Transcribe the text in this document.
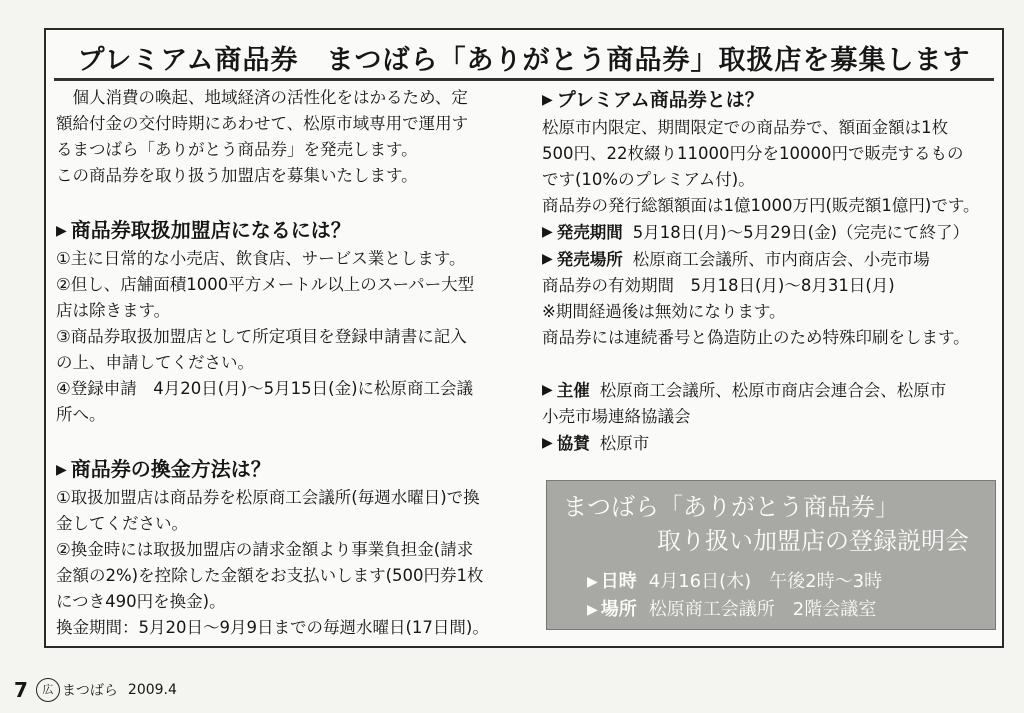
プレミアム商品券　まつばら「ありがとう商品券」取扱店を募集します

個人消費の喚起、地域経済の活性化をはかるため、定

額給付金の交付時期にあわせて、松原市域専用で運用す

るまつばら「ありがとう商品券」を発売します。

この商品券を取り扱う加盟店を募集いたします。

▶ 商品券取扱加盟店になるには？

①主に日常的な小売店、飲食店、サービス業とします。

②但し、店舗面積1000平方メートル以上のスーパー大型

店は除きます。

③商品券取扱加盟店として所定項目を登録申請書に記入

の上、申請してください。

④登録申請　4月20日(月)～5月15日(金)に松原商工会議

所へ。

▶ 商品券の換金方法は？

①取扱加盟店は商品券を松原商工会議所(毎週水曜日)で換

金してください。

②換金時には取扱加盟店の請求金額より事業負担金(請求

金額の2%)を控除した金額をお支払いします(500円券1枚

につき490円を換金)。

換金期間：5月20日～9月9日までの毎週水曜日(17日間)。

▶ プレミアム商品券とは？

松原市内限定、期間限定での商品券で、額面金額は1枚

500円、22枚綴り11000円分を10000円で販売するもの

です(10%のプレミアム付)。

商品券の発行総額額面は1億1000万円(販売額1億円)です。

▶ 発売期間 5月18日(月)～5月29日(金)（完売にて終了）

▶ 発売場所 松原商工会議所、市内商店会、小売市場

商品券の有効期間　5月18日(月)～8月31日(月)

※期間経過後は無効になります。

商品券には連続番号と偽造防止のため特殊印刷をします。

▶ 主催 松原商工会議所、松原市商店会連合会、松原市

小売市場連絡協議会

▶ 協賛 松原市

まつばら「ありがとう商品券」
取り扱い加盟店の登録説明会
▶ 日時 4月16日(木)　午後2時～3時
▶ 場所 松原商工会議所　2階会議室
7	広 まつばら 2009.4
